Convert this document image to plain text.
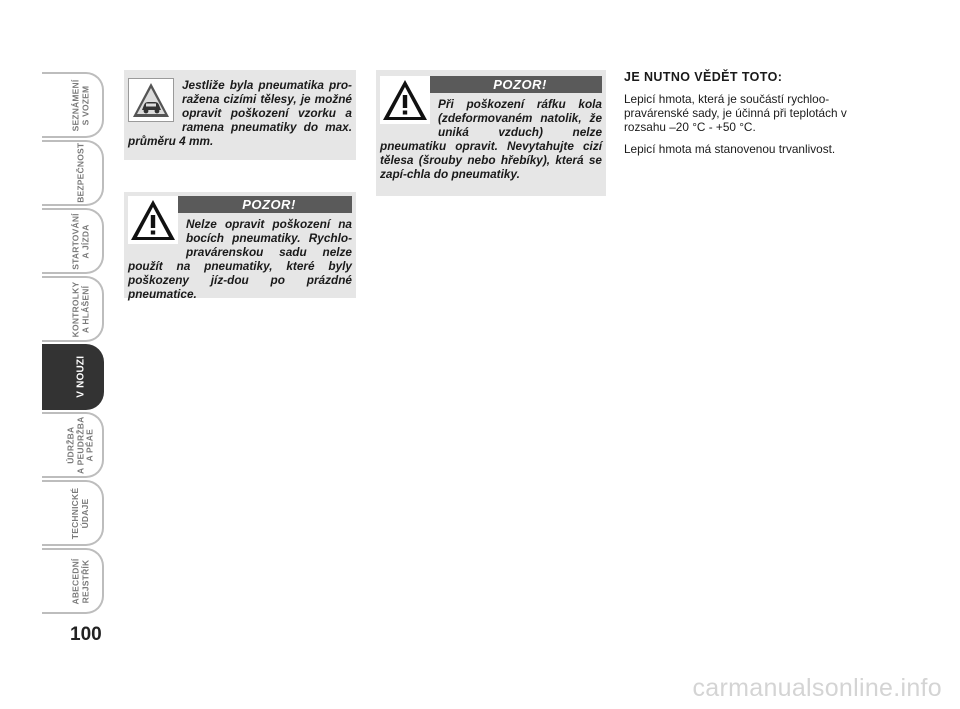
SEZNÁMENÍ
S VOZEM
BEZPEČNOST
STARTOVÁNÍ
A JÍZDA
KONTROLKY
A HLÁŠENÍ
V NOUZI
ÚDRŽBA
A PEUDRŽBA
A PÉAE
TECHNICKÉ
ÚDAJE
ABECEDNÍ
REJSTŘÍK
100

Jestliže byla pneumatika pro-ražena cizími tělesy, je možné opravit poškození vzorku a ramena pneumatiky do max. průměru 4 mm.

POZOR!

Nelze opravit poškození na bocích pneumatiky. Rychlo-pravárenskou sadu nelze použít na pneumatiky, které byly poškozeny jíz-dou po prázdné pneumatice.

POZOR!

Při poškození ráfku kola (zdeformovaném natolik, že uniká vzduch) nelze pneumatiku opravit. Nevytahujte cizí tělesa (šrouby nebo hřebíky), která se zapí-chla do pneumatiky.

JE NUTNO VĚDĚT TOTO:

Lepicí hmota, která je součástí rychloo-pravárenské sady, je účinná při teplotách v rozsahu –20 °C - +50 °C.

Lepicí hmota má stanovenou trvanlivost.

carmanualsonline.info
